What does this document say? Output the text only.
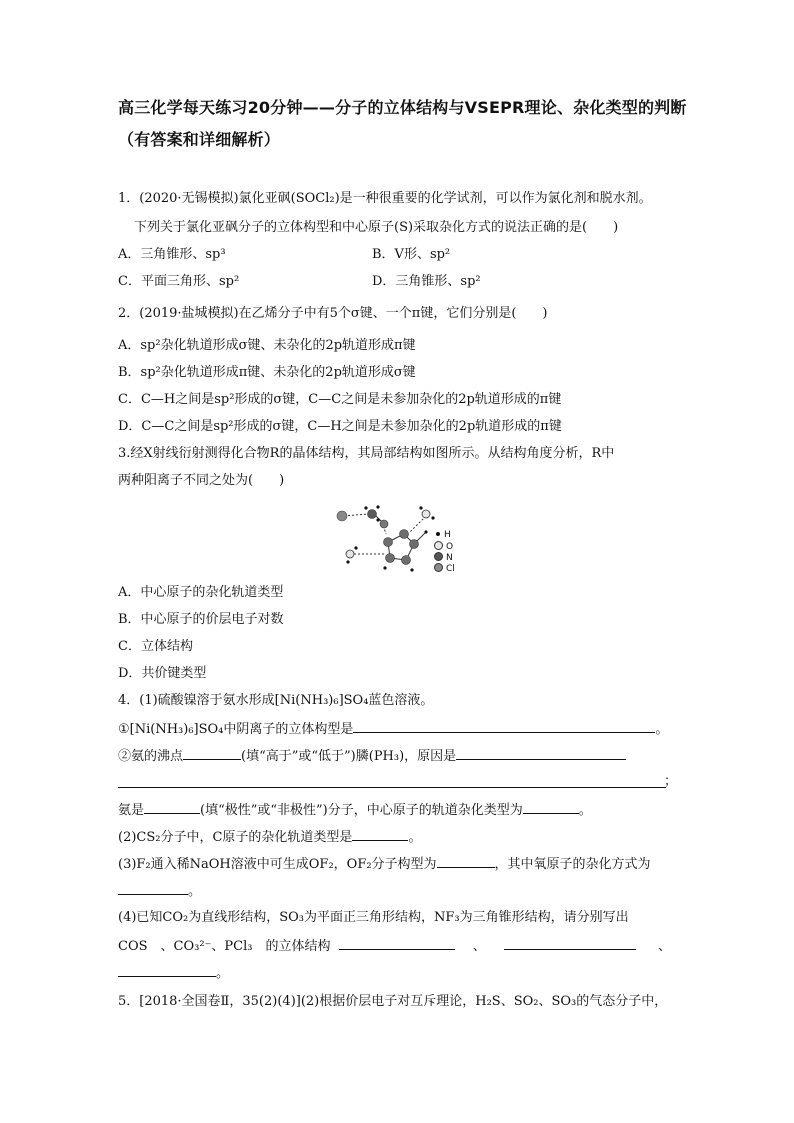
高三化学每天练习20分钟——分子的立体结构与VSEPR理论、杂化类型的判断（有答案和详细解析）
1．(2020·无锡模拟)氯化亚砜(SOCl₂)是一种很重要的化学试剂，可以作为氯化剂和脱水剂。
下列关于氯化亚砜分子的立体构型和中心原子(S)采取杂化方式的说法正确的是(　　)
A．三角锥形、sp³	B．V形、sp²
C．平面三角形、sp²	D．三角锥形、sp²
2．(2019·盐城模拟)在乙烯分子中有5个σ键、一个π键，它们分别是(　　)
A．sp²杂化轨道形成σ键、未杂化的2p轨道形成π键
B．sp²杂化轨道形成π键、未杂化的2p轨道形成σ键
C．C—H之间是sp²形成的σ键，C—C之间是未参加杂化的2p轨道形成的π键
D．C—C之间是sp²形成的σ键，C—H之间是未参加杂化的2p轨道形成的π键
3.经X射线衍射测得化合物R的晶体结构，其局部结构如图所示。从结构角度分析，R中
两种阳离子不同之处为(　　)
H
O
N
Cl
A．中心原子的杂化轨道类型
B．中心原子的价层电子对数
C．立体结构
D．共价键类型
4．(1)硫酸镍溶于氨水形成[Ni(NH₃)₆]SO₄蓝色溶液。
①[Ni(NH₃)₆]SO₄中阴离子的立体构型是	。
②氨的沸点	(填“高于”或“低于”)膦(PH₃)，原因是
；
氨是	(填“极性”或“非极性”)分子，中心原子的轨道杂化类型为	。
(2)CS₂分子中，C原子的杂化轨道类型是	。
(3)F₂通入稀NaOH溶液中可生成OF₂，OF₂分子构型为	，其中氧原子的杂化方式为
。
(4)已知CO₂为直线形结构，SO₃为平面正三角形结构，NF₃为三角锥形结构，请分别写出
COS　、CO₃²⁻、PCl₃　的立体结构	、	、
。
5．[2018·全国卷Ⅱ，35(2)(4)](2)根据价层电子对互斥理论，H₂S、SO₂、SO₃的气态分子中，
